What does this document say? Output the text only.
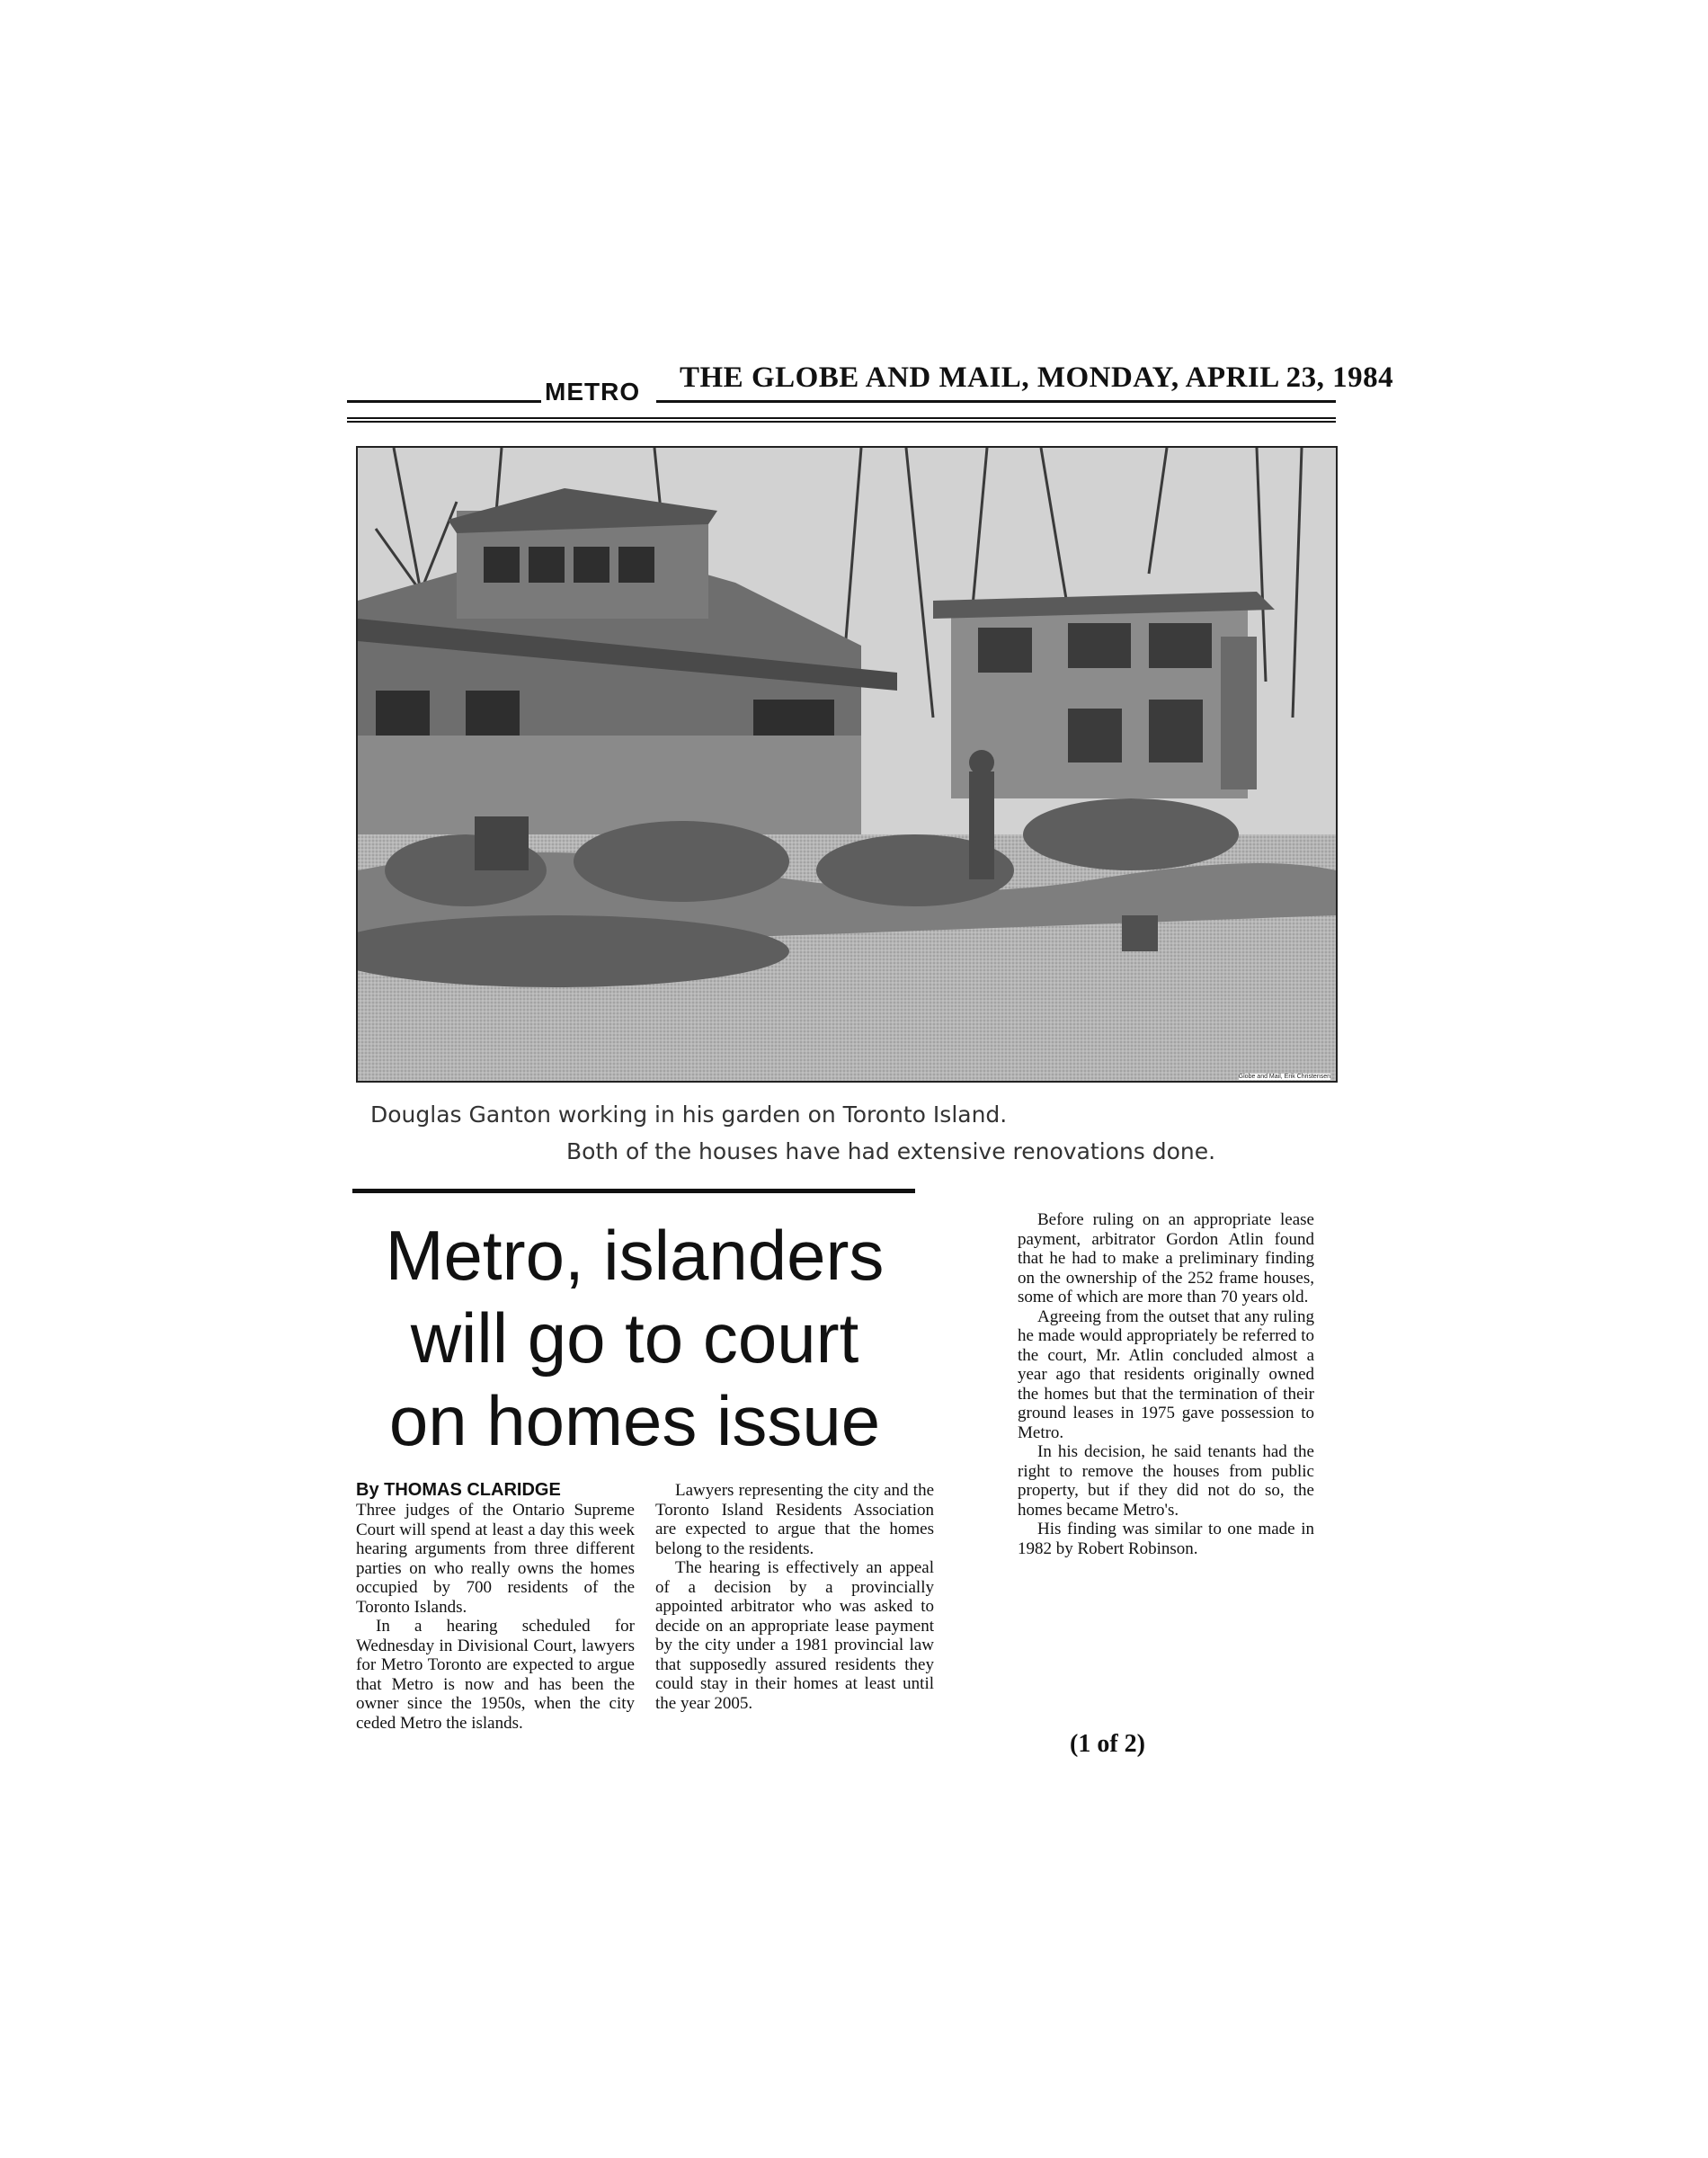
METRO THE GLOBE AND MAIL, MONDAY, APRIL 23, 1984
Globe and Mail, Erik Christensen
Douglas Ganton working in his garden on Toronto Island.
Both of the houses have had extensive renovations done.
Metro, islanders
will go to court
on homes issue
By THOMAS CLARIDGE

Three judges of the Ontario Supreme Court will spend at least a day this week hearing arguments from three different parties on who really owns the homes occupied by 700 residents of the Toronto Islands.

In a hearing scheduled for Wednesday in Divisional Court, lawyers for Metro Toronto are expected to argue that Metro is now and has been the owner since the 1950s, when the city ceded Metro the islands.

Lawyers representing the city and the Toronto Island Residents Association are expected to argue that the homes belong to the residents.

The hearing is effectively an appeal of a decision by a provincially appointed arbitrator who was asked to decide on an appropriate lease payment by the city under a 1981 provincial law that supposedly assured residents they could stay in their homes at least until the year 2005.

Before ruling on an appropriate lease payment, arbitrator Gordon Atlin found that he had to make a preliminary finding on the ownership of the 252 frame houses, some of which are more than 70 years old.

Agreeing from the outset that any ruling he made would appropriately be referred to the court, Mr. Atlin concluded almost a year ago that residents originally owned the homes but that the termination of their ground leases in 1975 gave possession to Metro.

In his decision, he said tenants had the right to remove the houses from public property, but if they did not do so, the homes became Metro's.

His finding was similar to one made in 1982 by Robert Robinson.

(1 of 2)
